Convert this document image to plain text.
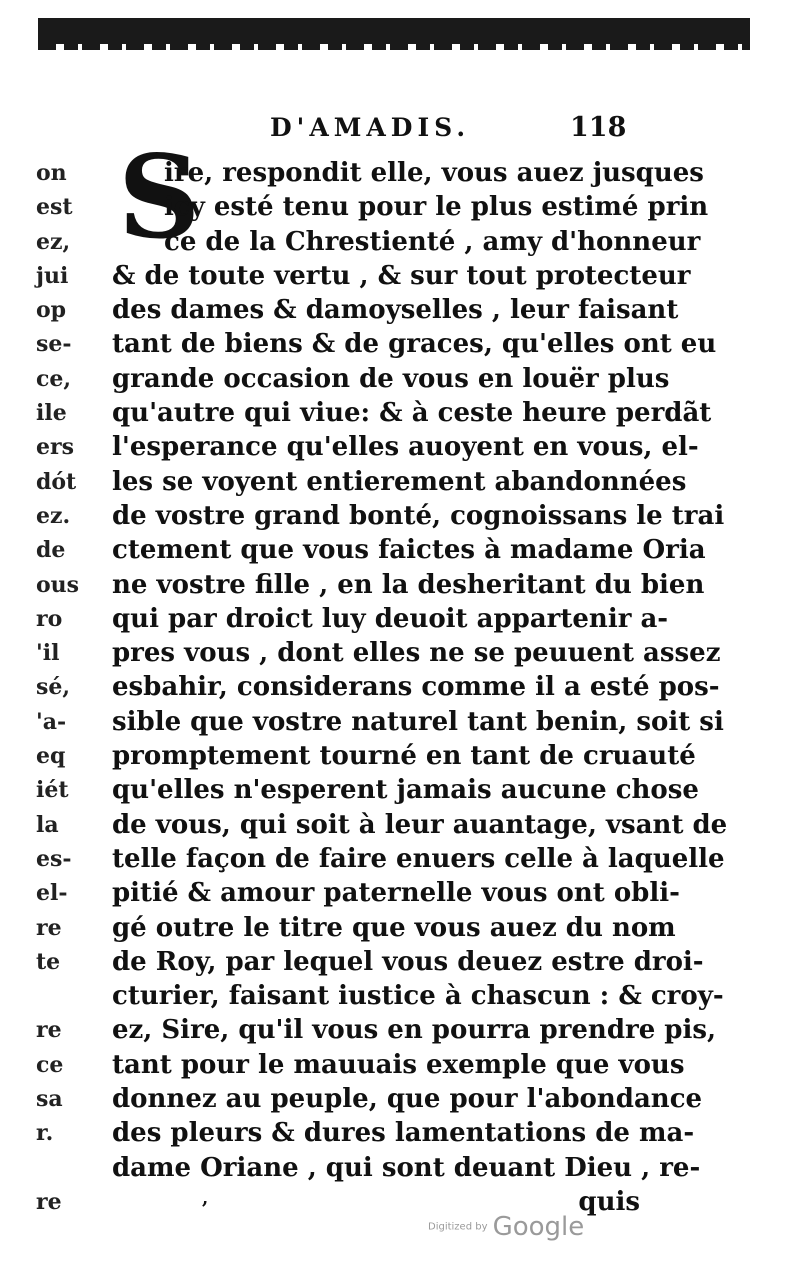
D'AMADIS.	118
S
on
est
ez,
jui
op
se-
ce,
ile
ers
dót
ez.
de
ous
ro
'il
sé,
'a-
eq
iét
la
es-
el-
re
te
re
ce
sa
r.
re
ire, respondit elle, vous auez jusques
icy esté tenu pour le plus estimé prin
ce de la Chrestienté , amy d'honneur
& de toute vertu , & sur tout protecteur
des dames & damoyselles , leur faisant
tant de biens & de graces, qu'elles ont eu
grande occasion de vous en louër plus
qu'autre qui viue: & à ceste heure perdãt
l'esperance qu'elles auoyent en vous, el-
les se voyent entierement abandonnées
de vostre grand bonté, cognoissans le trai
ctement que vous faictes à madame Oria
ne vostre fille , en la desheritant du bien
qui par droict luy deuoit appartenir a-
pres vous , dont elles ne se peuuent assez
esbahir, considerans comme il a esté pos-
sible que vostre naturel tant benin, soit si
promptement tourné en tant de cruauté
qu'elles n'esperent jamais aucune chose
de vous, qui soit à leur auantage, vsant de
telle façon de faire enuers celle à laquelle
pitié & amour paternelle vous ont obli-
gé outre le titre que vous auez du nom
de Roy, par lequel vous deuez estre droi-
cturier, faisant iustice à chascun : & croy-
ez, Sire, qu'il vous en pourra prendre pis,
tant pour le mauuais exemple que vous
donnez au peuple, que pour l'abondance
des pleurs & dures lamentations de ma-
dame Oriane , qui sont deuant Dieu , re-
quis
,
Digitized by Google
